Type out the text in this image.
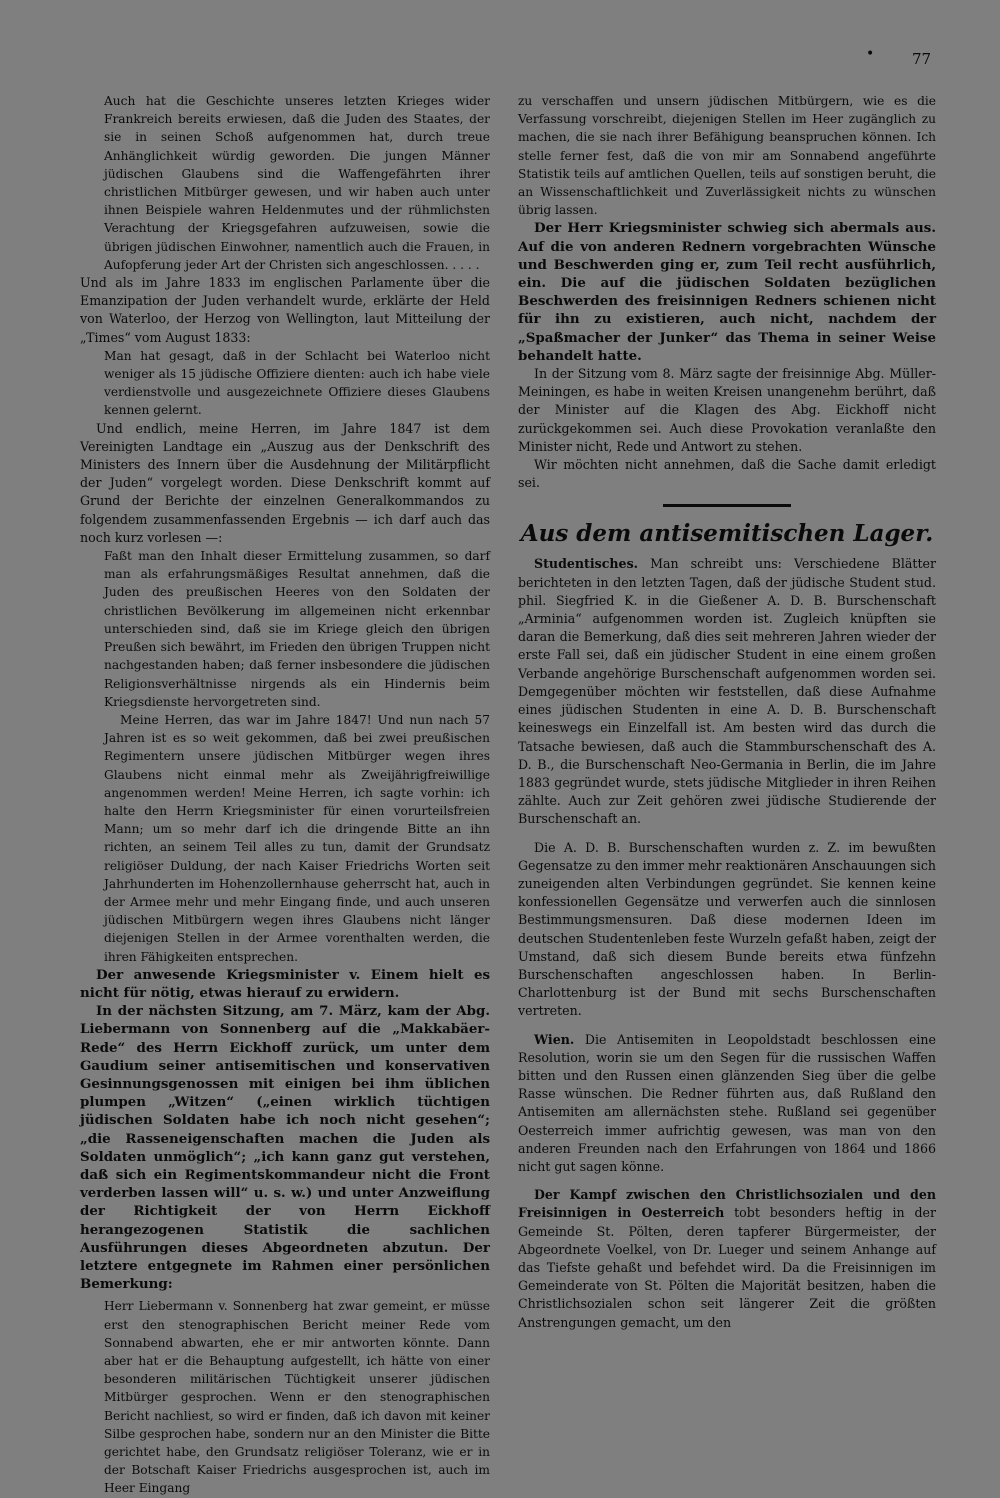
•	77

Auch hat die Geschichte unseres letzten Krieges wider Frankreich bereits erwiesen, daß die Juden des Staates, der sie in seinen Schoß aufgenommen hat, durch treue Anhänglichkeit würdig geworden. Die jungen Männer jüdischen Glaubens sind die Waffengefährten ihrer christlichen Mitbürger gewesen, und wir haben auch unter ihnen Beispiele wahren Heldenmutes und der rühmlichsten Verachtung der Kriegsgefahren aufzuweisen, sowie die übrigen jüdischen Einwohner, namentlich auch die Frauen, in Aufopferung jeder Art der Christen sich angeschlossen. . . . .

Und als im Jahre 1833 im englischen Parlamente über die Emanzipation der Juden verhandelt wurde, erklärte der Held von Waterloo, der Herzog von Wellington, laut Mitteilung der „Times“ vom August 1833:

Man hat gesagt, daß in der Schlacht bei Waterloo nicht weniger als 15 jüdische Offiziere dienten: auch ich habe viele verdienstvolle und ausgezeichnete Offiziere dieses Glaubens kennen gelernt.

Und endlich, meine Herren, im Jahre 1847 ist dem Vereinigten Landtage ein „Auszug aus der Denkschrift des Ministers des Innern über die Ausdehnung der Militärpflicht der Juden“ vorgelegt worden. Diese Denkschrift kommt auf Grund der Berichte der einzelnen Generalkommandos zu folgendem zusammenfassenden Ergebnis — ich darf auch das noch kurz vorlesen —:

Faßt man den Inhalt dieser Ermittelung zusammen, so darf man als erfahrungsmäßiges Resultat annehmen, daß die Juden des preußischen Heeres von den Soldaten der christlichen Bevölkerung im allgemeinen nicht erkennbar unterschieden sind, daß sie im Kriege gleich den übrigen Preußen sich bewährt, im Frieden den übrigen Truppen nicht nachgestanden haben; daß ferner insbesondere die jüdischen Religionsverhältnisse nirgends als ein Hindernis beim Kriegsdienste hervorgetreten sind.

Meine Herren, das war im Jahre 1847! Und nun nach 57 Jahren ist es so weit gekommen, daß bei zwei preußischen Regimentern unsere jüdischen Mitbürger wegen ihres Glaubens nicht einmal mehr als Zweijährigfreiwillige angenommen werden! Meine Herren, ich sagte vorhin: ich halte den Herrn Kriegsminister für einen vorurteilsfreien Mann; um so mehr darf ich die dringende Bitte an ihn richten, an seinem Teil alles zu tun, damit der Grundsatz religiöser Duldung, der nach Kaiser Friedrichs Worten seit Jahrhunderten im Hohenzollernhause geherrscht hat, auch in der Armee mehr und mehr Eingang finde, und auch unseren jüdischen Mitbürgern wegen ihres Glaubens nicht länger diejenigen Stellen in der Armee vorenthalten werden, die ihren Fähigkeiten entsprechen.

Der anwesende Kriegsminister v. Einem hielt es nicht für nötig, etwas hierauf zu erwidern.

In der nächsten Sitzung, am 7. März, kam der Abg. Liebermann von Sonnenberg auf die „Makkabäer-Rede“ des Herrn Eickhoff zurück, um unter dem Gaudium seiner antisemitischen und konservativen Gesinnungsgenossen mit einigen bei ihm üblichen plumpen „Witzen“ („einen wirklich tüchtigen jüdischen Soldaten habe ich noch nicht gesehen“; „die Rasseneigenschaften machen die Juden als Soldaten unmöglich“; „ich kann ganz gut verstehen, daß sich ein Regimentskommandeur nicht die Front verderben lassen will“ u. s. w.) und unter Anzweiflung der Richtigkeit der von Herrn Eickhoff herangezogenen Statistik die sachlichen Ausführungen dieses Abgeordneten abzutun. Der letztere entgegnete im Rahmen einer persönlichen Bemerkung:

Herr Liebermann v. Sonnenberg hat zwar gemeint, er müsse erst den stenographischen Bericht meiner Rede vom Sonnabend abwarten, ehe er mir antworten könnte. Dann aber hat er die Behauptung aufgestellt, ich hätte von einer besonderen militärischen Tüchtigkeit unserer jüdischen Mitbürger gesprochen. Wenn er den stenographischen Bericht nachliest, so wird er finden, daß ich davon mit keiner Silbe gesprochen habe, sondern nur an den Minister die Bitte gerichtet habe, den Grundsatz religiöser Toleranz, wie er in der Botschaft Kaiser Friedrichs ausgesprochen ist, auch im Heer Eingang

zu verschaffen und unsern jüdischen Mitbürgern, wie es die Verfassung vorschreibt, diejenigen Stellen im Heer zugänglich zu machen, die sie nach ihrer Befähigung beanspruchen können. Ich stelle ferner fest, daß die von mir am Sonnabend angeführte Statistik teils auf amtlichen Quellen, teils auf sonstigen beruht, die an Wissenschaftlichkeit und Zuverlässigkeit nichts zu wünschen übrig lassen.

Der Herr Kriegsminister schwieg sich abermals aus. Auf die von anderen Rednern vorgebrachten Wünsche und Beschwerden ging er, zum Teil recht ausführlich, ein. Die auf die jüdischen Soldaten bezüglichen Beschwerden des freisinnigen Redners schienen nicht für ihn zu existieren, auch nicht, nachdem der „Spaßmacher der Junker“ das Thema in seiner Weise behandelt hatte.

In der Sitzung vom 8. März sagte der freisinnige Abg. Müller-Meiningen, es habe in weiten Kreisen unangenehm berührt, daß der Minister auf die Klagen des Abg. Eickhoff nicht zurückgekommen sei. Auch diese Provokation veranlaßte den Minister nicht, Rede und Antwort zu stehen.

Wir möchten nicht annehmen, daß die Sache damit erledigt sei.

Aus dem antisemitischen Lager.

Studentisches. Man schreibt uns: Verschiedene Blätter berichteten in den letzten Tagen, daß der jüdische Student stud. phil. Siegfried K. in die Gießener A. D. B. Burschenschaft „Arminia“ aufgenommen worden ist. Zugleich knüpften sie daran die Bemerkung, daß dies seit mehreren Jahren wieder der erste Fall sei, daß ein jüdischer Student in eine einem großen Verbande angehörige Burschenschaft aufgenommen worden sei. Demgegenüber möchten wir feststellen, daß diese Aufnahme eines jüdischen Studenten in eine A. D. B. Burschenschaft keineswegs ein Einzelfall ist. Am besten wird das durch die Tatsache bewiesen, daß auch die Stammburschenschaft des A. D. B., die Burschenschaft Neo-Germania in Berlin, die im Jahre 1883 gegründet wurde, stets jüdische Mitglieder in ihren Reihen zählte. Auch zur Zeit gehören zwei jüdische Studierende der Burschenschaft an.

Die A. D. B. Burschenschaften wurden z. Z. im bewußten Gegensatze zu den immer mehr reaktionären Anschauungen sich zuneigenden alten Verbindungen gegründet. Sie kennen keine konfessionellen Gegensätze und verwerfen auch die sinnlosen Bestimmungsmensuren. Daß diese modernen Ideen im deutschen Studentenleben feste Wurzeln gefaßt haben, zeigt der Umstand, daß sich diesem Bunde bereits etwa fünfzehn Burschenschaften angeschlossen haben. In Berlin-Charlottenburg ist der Bund mit sechs Burschenschaften vertreten.

Wien. Die Antisemiten in Leopoldstadt beschlossen eine Resolution, worin sie um den Segen für die russischen Waffen bitten und den Russen einen glänzenden Sieg über die gelbe Rasse wünschen. Die Redner führten aus, daß Rußland den Antisemiten am allernächsten stehe. Rußland sei gegenüber Oesterreich immer aufrichtig gewesen, was man von den anderen Freunden nach den Erfahrungen von 1864 und 1866 nicht gut sagen könne.

Der Kampf zwischen den Christlichsozialen und den Freisinnigen in Oesterreich tobt besonders heftig in der Gemeinde St. Pölten, deren tapferer Bürgermeister, der Abgeordnete Voelkel, von Dr. Lueger und seinem Anhange auf das Tiefste gehaßt und befehdet wird. Da die Freisinnigen im Gemeinderate von St. Pölten die Majorität besitzen, haben die Christlichsozialen schon seit längerer Zeit die größten Anstrengungen gemacht, um den
